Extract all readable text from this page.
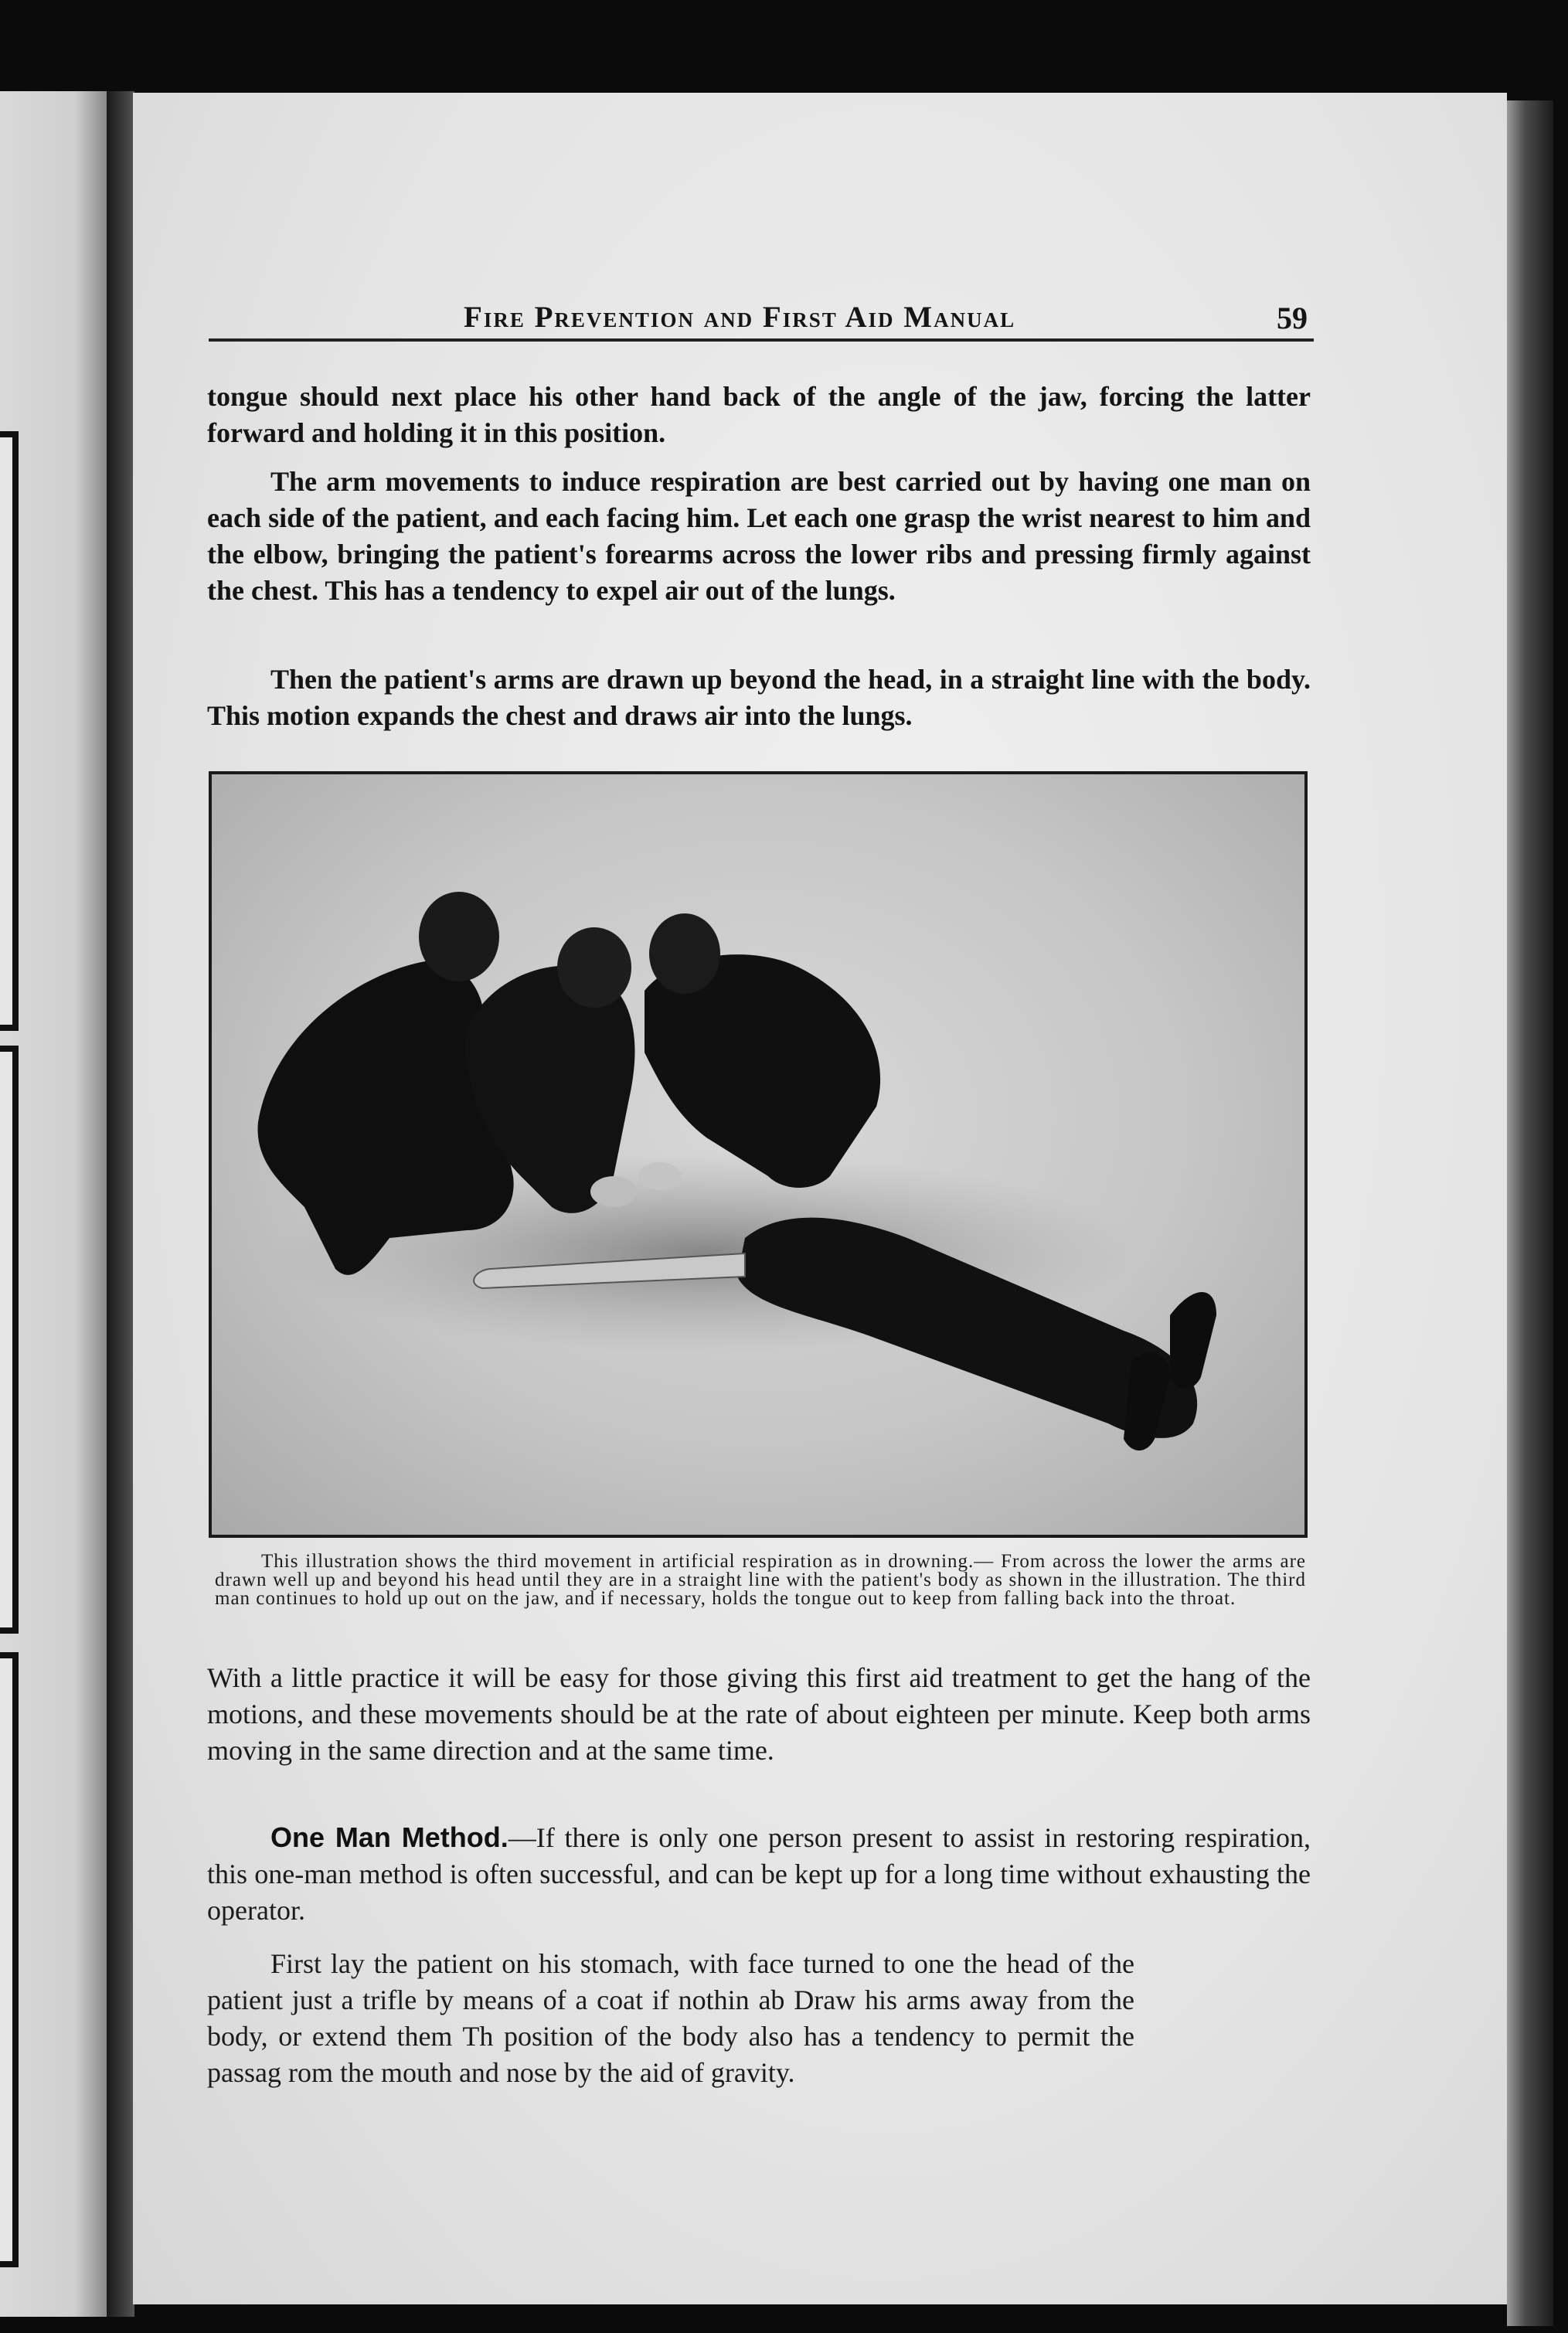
Fire Prevention and First Aid Manual	59

tongue should next place his other hand back of the angle of the jaw, forcing the latter forward and holding it in this position.

The arm movements to induce respiration are best carried out by having one man on each side of the patient, and each facing him. Let each one grasp the wrist nearest to him and the elbow, bringing the patient's forearms across the lower ribs and pressing firmly against the chest. This has a tendency to expel air out of the lungs.

Then the patient's arms are drawn up beyond the head, in a straight line with the body. This motion expands the chest and draws air into the lungs.

This illustration shows the third movement in artificial respiration as in drowning.— From across the lower the arms are drawn well up and beyond his head until they are in a straight line with the patient's body as shown in the illustration. The third man continues to hold up out on the jaw, and if necessary, holds the tongue out to keep from falling back into the throat.

With a little practice it will be easy for those giving this first aid treatment to get the hang of the motions, and these movements should be at the rate of about eighteen per minute. Keep both arms moving in the same direction and at the same time.

One Man Method.—If there is only one person present to assist in restoring respiration, this one-man method is often successful, and can be kept up for a long time without exhausting the operator.

First lay the patient on his stomach, with face turned to one the head of the patient just a trifle by means of a coat if nothin ab Draw his arms away from the body, or extend them Th position of the body also has a tendency to permit the passag rom the mouth and nose by the aid of gravity.
